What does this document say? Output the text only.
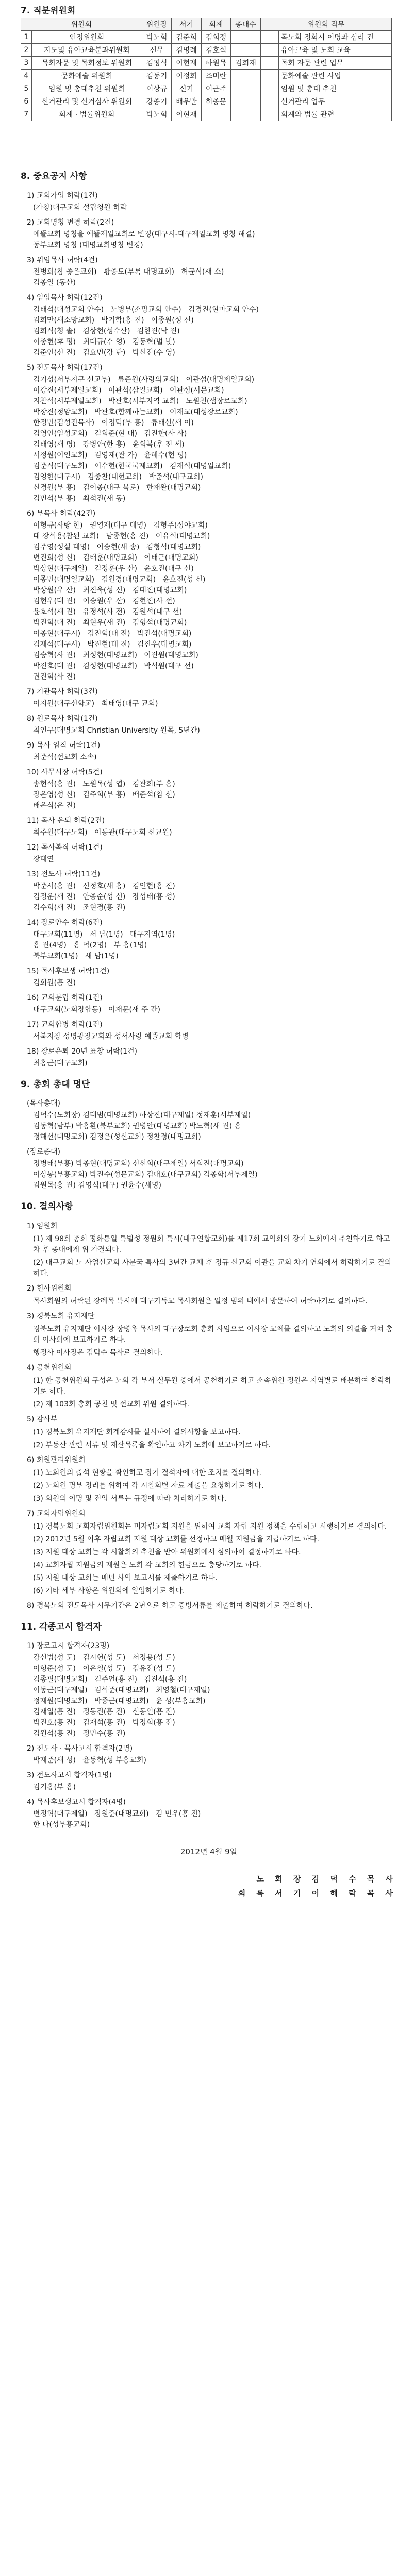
7. 직분위원회
위원회		위원장	서기	회계	총대수	위원회 직무	
1	인정위원회	박노혁	김준희	김희정			목노회 정회시 이명과 심리 건
2	지도및 유아교육분과위원회	신무	김명례	김호석			유아교육 및 노회 교육
3	목회자문 및 목회정보 위원회	김평식	이현재	하원목	김희재		목회 자문 관련 업무
4	문화예술 위원회	김동기	이정희	조미란			문화예술 관련 사업
5	임원 및 총대추천 위원회	이상규	신기	이근주			임원 및 총대 추천
6	선거관리 및 선거심사 위원회	강종기	배우만	허종문			선거관리 업무
7	회계 · 법률위원회	박노혁	이현재				회계와 법률 관련
8. 중요공지 사항
1) 교회가입 허락(1건)
(가칭)대구교회 설립청원 허락
2) 교회명칭 변경 허락(2건)
예뜰교회 명칭을 예뜰제일교회로 변경(대구시-대구제일교회 명칭 해결)
동부교회 명칭 (대명교회명칭 변경)
3) 위임목사 허락(4건)
전병희(참 좋은교회)   황종도(부록 대명교회)   허균식(새 소)
김종일 (동산)
4) 임임목사 허락(12건)
김태석(대성교회 안수)   노병부(소망교회 안수)   김경진(현마교회 안수)
김희만(새소망교회)   박기학(흥 진)   이종원(성 신)
김희식(청 솔)   김상현(성수산)   김한진(낙 진)
이종현(후 평)   최대규(수 영)   김동혁(별 빛)
김준인(신 진)   김효민(강 단)   박선진(수 영)
5) 전도목사 허락(17건)
김기성(서부지구 선교부)   류준원(사랑의교회)   이관섭(대명제일교회)
이강진(서부제일교회)   이관석(삼일교회)   이관성(서문교회)
지찬석(서부제일교회)   박관호(서부지역 교회)   노원천(샘장로교회)
박장진(정암교회)   박관호(함께하는교회)   이재교(대성장로교회)
한정민(김성진목사)   이정덕(부 흥)   류태선(새 이)
김영인(임성교회)   김희준(현 대)   김진한(사 사)
김태영(새 명)   강병안(한 흥)   윤희복(후 전 세)
서정원(이인교회)   김영재(관 가)   윤혜수(현 평)
김준식(대구노회)   이수현(한국국제교회)   김재석(대명일교회)
김영한(대구시)   김종찬(대현교회)   박준석(대구교회)
신경원(부 흥)   김이종(대구 북로)   한재완(대명교회)
김민석(부 흥)   최석진(새 동)
6) 부목사 허락(42건)
이형규(사랑 한)   권영재(대구 대명)   김형주(성야교회)
대 장석용(참된 교회)   남종현(흥 진)   이유석(대명교회)
김주영(성실 대명)   이승현(새 송)   김형석(대명교회)
변진희(성 신)   김태훈(대명교회)   이태근(대명교회)
박상현(대구제일)   김정훈(우 산)   윤호진(대구 선)
이종민(대명일교회)   김원경(대명교회)   윤호진(성 신)
박상원(우 산)   최진욱(성 신)   김대진(대명교회)
김현우(대 진)   이승원(우 산)   김현진(사 선)
윤호석(새 진)   유정석(사 전)   김원석(대구 선)
박진혁(대 진)   최현우(새 진)   김형석(대명교회)
이종현(대구시)   김진혁(대 진)   박진석(대명교회)
김재석(대구시)   박진현(대 진)   김진우(대명교회)
김승혁(사 진)   최성현(대명교회)   이진원(대명교회)
박진호(대 진)   김성현(대명교회)   박석원(대구 선)
권진혁(사 진)
7) 기관목사 허락(3건)
이지원(대구신학교)   최태영(대구 교회)
8) 원로목사 허락(1건)
최인구(대명교회 Christian University 원목, 5년간)
9) 목사 임직 허락(1건)
최준석(선교회 소속)
10) 사무시장 허락(5건)
송현석(흥 진)   노원목(성 엽)   김관희(부 흥)
장은영(성 신)   김주희(부 흥)   배준석(참 신)
배은식(은 진)
11) 목사 은퇴 허락(2건)
최주원(대구노회)   이동관(대구노회 선교원)
12) 목사복직 허락(1건)
장태연
13) 전도사 허락(11건)
박준서(흥 진)   신정호(새 흥)   김인현(흥 진)
김정운(새 진)   안종순(성 신)   장성태(흥 성)
김수희(새 진)   조현경(흥 진)
14) 장로안수 허락(6건)
대구교회(11명)   서 남(1명)   대구지역(1명)
흥 진(4명)   흥 덕(2명)   부 흥(1명)
북부교회(1명)   새 남(1명)
15) 목사후보생 허락(1건)
김희원(흥 진)
16) 교회분립 허락(1건)
대구교회(노회장합동)   이재문(새 주 간)
17) 교회합병 허락(1건)
서북지장 성명광장교회와 성서사랑 예뜰교회 합병
18) 장로은퇴 20년 표창 허락(1건)
최홍근(대구교회)
9. 총회 총대 명단
(목사총대)
김덕수(노회장) 김태범(대명교회) 하상진(대구제일) 정재훈(서부제일)
김동혁(남부) 박흥환(북부교회) 권병안(대명교회) 박노혁(새 진) 흥
정해선(대명교회) 김정은(성신교회) 정찬정(대명교회)
(장로총대)
정병태(부흥) 박종현(대명교회) 신선희(대구제일) 서희진(대명교회)
이상봉(부흥교회) 박진수(성문교회) 김대호(대구교회) 김종학(서부제일)
김원목(흥 진) 김영식(대구) 권윤수(새명)
10. 결의사항
1) 임원회
(1) 제 98회 총회 평화통일 특별성 정원회 특시(대구연합교회)를 제17회 교역회의 장기 노회에서 추천하기로 하고 차 후 총대에게 위 가결되다.
(2) 대구교회 노 사업선교회 사분국 특사의 3년간 교체 후 정규 선교회 이관을 교회 차기 연회에서 허락하기로 결의하다.
2) 헌사위원회
목사회원의 허락된 장례목 특시에 대구기독교 목사회원은 일정 범위 내에서 방문하여 허락하기로 결의하다.
3) 경북노회 유지재단
경북노회 유지재단 이사장 장병옥 목사의 대구장로회 총회 사임으로 이사장 교체를 결의하고 노회의 의결을 거쳐 총회 이사회에 보고하기로 하다.
행정사 이사장은 김덕수 목사로 결의하다.
4) 공천위원회
(1) 한 공천위원회 구성은 노회 각 부서 실무원 중에서 공천하기로 하고 소속위원 정원은 지역별로 배분하여 허락하기로 하다.
(2) 제 103회 총회 공천 및 선교회 위원 결의하다.
5) 감사부
(1) 경북노회 유지재단 회계감사를 실시하여 결의사항을 보고하다.
(2) 부동산 관련 서류 및 재산목록을 확인하고 차기 노회에 보고하기로 하다.
6) 회원관리위원회
(1) 노회원의 출석 현황을 확인하고 장기 결석자에 대한 조치를 결의하다.
(2) 노회원 명부 정리를 위하여 각 시찰회별 자료 제출을 요청하기로 하다.
(3) 회원의 이명 및 전입 서류는 규정에 따라 처리하기로 하다.
7) 교회자립위원회
(1) 경북노회 교회자립위원회는 미자립교회 지원을 위하여 교회 자립 지원 정책을 수립하고 시행하기로 결의하다.
(2) 2012년 5월 이후 자립교회 지원 대상 교회를 선정하고 매월 지원금을 지급하기로 하다.
(3) 지원 대상 교회는 각 시찰회의 추천을 받아 위원회에서 심의하여 결정하기로 하다.
(4) 교회자립 지원금의 재원은 노회 각 교회의 헌금으로 충당하기로 하다.
(5) 지원 대상 교회는 매년 사역 보고서를 제출하기로 하다.
(6) 기타 세부 사항은 위원회에 일임하기로 하다.
8) 경북노회 전도목사 시무기간은 2년으로 하고 증빙서류를 제출하여 허락하기로 결의하다.
11. 각종고시 합격자
1) 장로고시 합격자(23명)
강신범(성 도)   김시헌(성 도)   서정용(성 도)
이형준(성 도)   이은철(성 도)   김유진(성 도)
김종필(대명교회)   김주언(흥 진)   김진석(흥 진)
이동근(대구제일)   김석준(대명교회)   최영철(대구제일)
정재원(대명교회)   박종근(대명교회)   윤 성(부흥교회)
김재일(흥 진)   정동진(흥 진)   신동인(흥 진)
박진호(흥 진)   김재석(흥 진)   박정희(흥 진)
김원석(흥 진)   정민수(흥 진)
2) 전도사 · 목사고시 합격자(2명)
박재준(새 성)   윤동혁(성 부흥교회)
3) 전도사고시 합격자(1명)
김기홍(부 흥)
4) 목사후보생고시 합격자(4명)
변정혁(대구제일)   장원준(대명교회)   김 민우(흥 진)
한 나(성부흥교회)
2012년 4월 9일
노 회 장 김 덕 수 목 사
회 록 서 기 이 해 락 목 사
